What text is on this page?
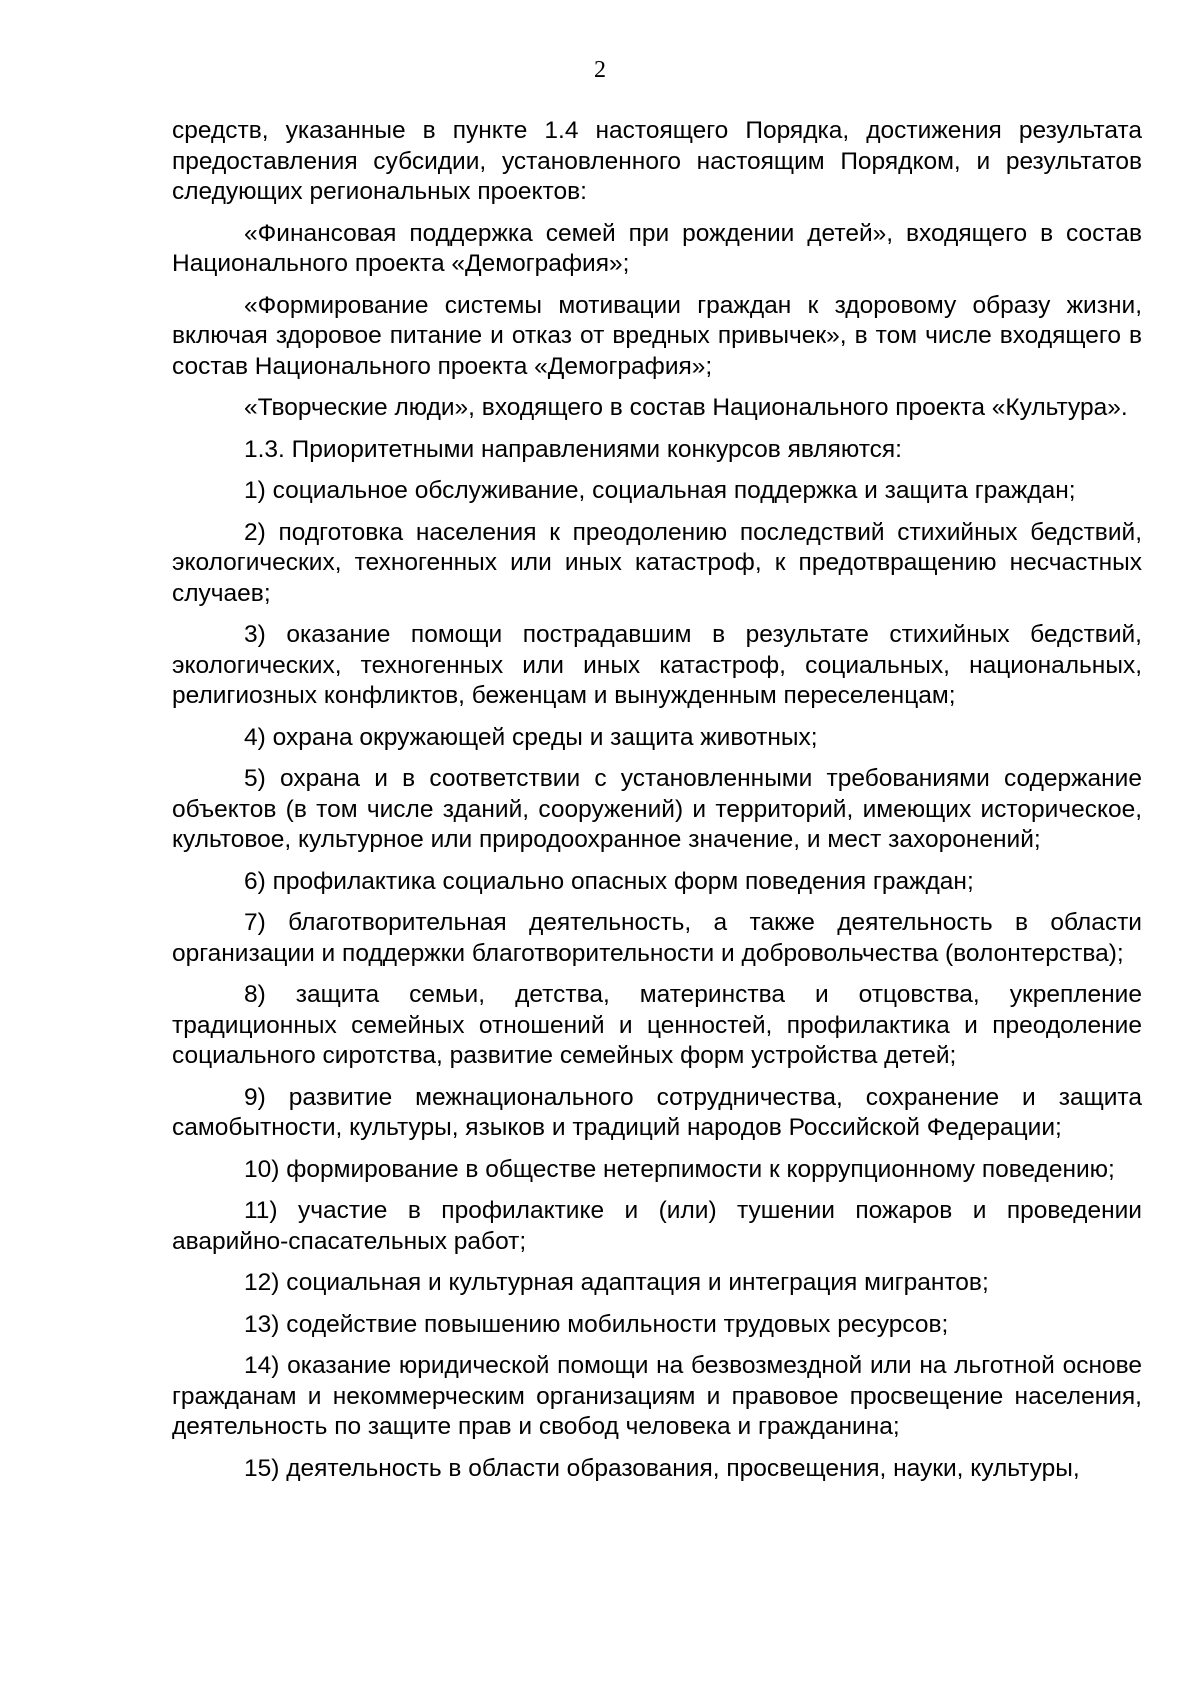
2

средств, указанные в пункте 1.4 настоящего Порядка, достижения результата предоставления субсидии, установленного настоящим Порядком, и результатов следующих региональных проектов:

«Финансовая поддержка семей при рождении детей», входящего в состав Национального проекта «Демография»;

«Формирование системы мотивации граждан к здоровому образу жизни, включая здоровое питание и отказ от вредных привычек», в том числе входящего в состав Национального проекта «Демография»;

«Творческие люди», входящего в состав Национального проекта «Культура».

1.3. Приоритетными направлениями конкурсов являются:

1) социальное обслуживание, социальная поддержка и защита граждан;

2) подготовка населения к преодолению последствий стихийных бедствий, экологических, техногенных или иных катастроф, к предотвращению несчастных случаев;

3) оказание помощи пострадавшим в результате стихийных бедствий, экологических, техногенных или иных катастроф, социальных, национальных, религиозных конфликтов, беженцам и вынужденным переселенцам;

4) охрана окружающей среды и защита животных;

5) охрана и в соответствии с установленными требованиями содержание объектов (в том числе зданий, сооружений) и территорий, имеющих историческое, культовое, культурное или природоохранное значение, и мест захоронений;

6) профилактика социально опасных форм поведения граждан;

7) благотворительная деятельность, а также деятельность в области организации и поддержки благотворительности и добровольчества (волонтерства);

8) защита семьи, детства, материнства и отцовства, укрепление традиционных семейных отношений и ценностей, профилактика и преодоление социального сиротства, развитие семейных форм устройства детей;

9) развитие межнационального сотрудничества, сохранение и защита самобытности, культуры, языков и традиций народов Российской Федерации;

10) формирование в обществе нетерпимости к коррупционному поведению;

11) участие в профилактике и (или) тушении пожаров и проведении аварийно-спасательных работ;

12) социальная и культурная адаптация и интеграция мигрантов;

13) содействие повышению мобильности трудовых ресурсов;

14) оказание юридической помощи на безвозмездной или на льготной основе гражданам и некоммерческим организациям и правовое просвещение населения, деятельность по защите прав и свобод человека и гражданина;

15) деятельность в области образования, просвещения, науки, культуры,
